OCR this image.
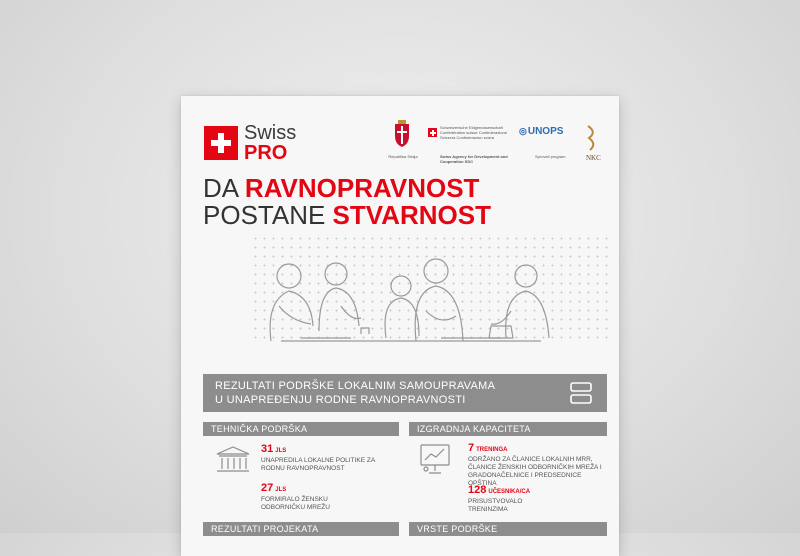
Swiss
PRO	Republika Srbija
Schweizerische Eidgenossenschaft Confédération suisse Confederazione Svizzera Confederaziun svizra
Swiss Agency for Development and Cooperation SDC
◎UNOPS
Sproveli program	NKC
DA RAVNOPRAVNOST
POSTANE STVARNOST
REZULTATI PODRŠKE LOKALNIM SAMOUPRAVAMA
U UNAPREĐENJU RODNE RAVNOPRAVNOSTI
TEHNIČKA PODRŠKA
31 JLS
UNAPREDILA LOKALNE POLITIKE ZA RODNU RAVNOPRAVNOST
27 JLS
FORMIRALO ŽENSKU ODBORNIČKU MREŽU
REZULTATI PROJEKATA
IZGRADNJA KAPACITETA
7 TRENINGA
ODRŽANO ZA ČLANICE LOKALNIH MRR, ČLANICE ŽENSKIH ODBORNIČKIH MREŽA I GRADONAČELNICE I PREDSEDNICE OPŠTINA
128 UČESNIKA/CA
PRISUSTVOVALO TRENINZIMA
VRSTE PODRŠKE
